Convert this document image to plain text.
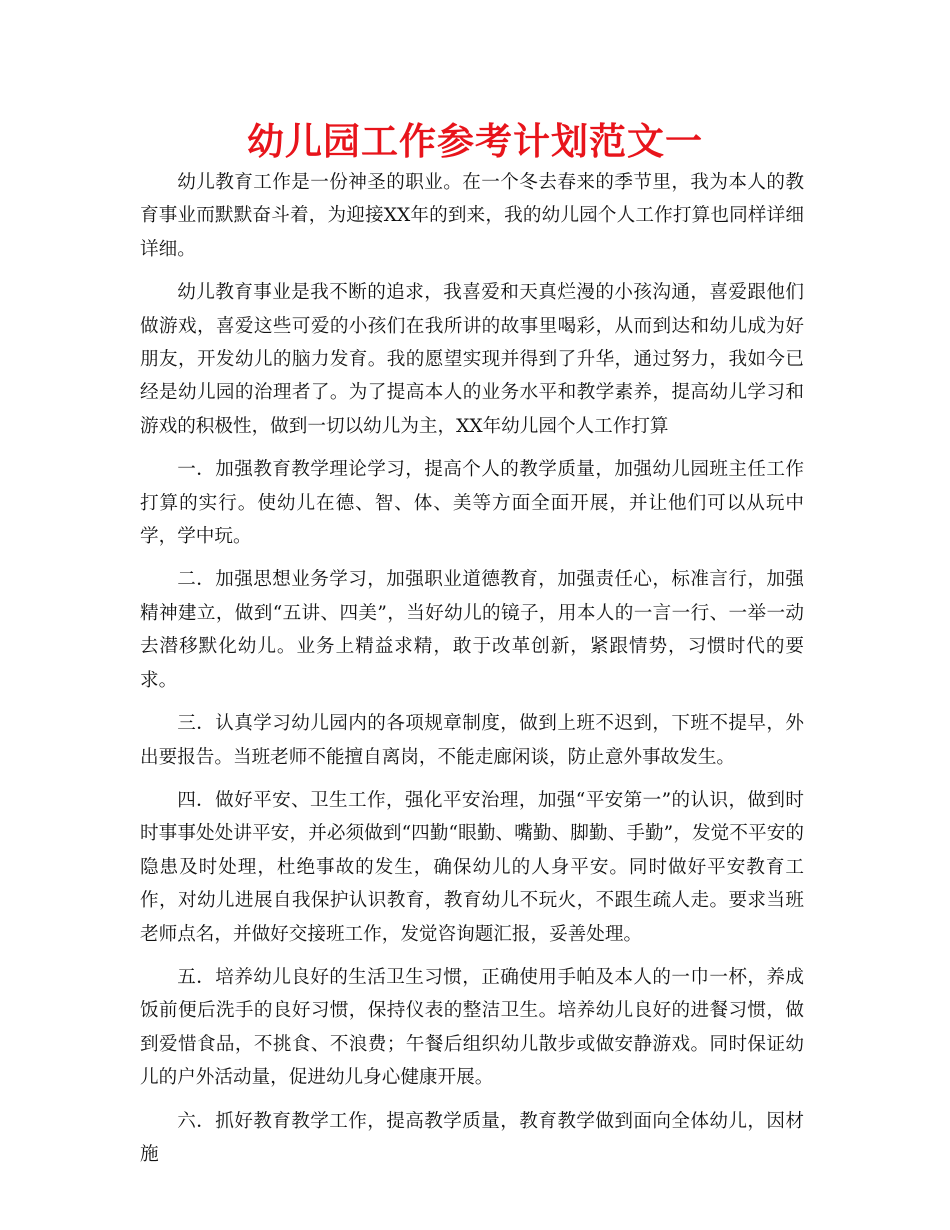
幼儿园工作参考计划范文一

幼儿教育工作是一份神圣的职业。在一个冬去春来的季节里，我为本人的教育事业而默默奋斗着，为迎接XX年的到来，我的幼儿园个人工作打算也同样详细详细。

幼儿教育事业是我不断的追求，我喜爱和天真烂漫的小孩沟通，喜爱跟他们做游戏，喜爱这些可爱的小孩们在我所讲的故事里喝彩，从而到达和幼儿成为好朋友，开发幼儿的脑力发育。我的愿望实现并得到了升华，通过努力，我如今已经是幼儿园的治理者了。为了提高本人的业务水平和教学素养，提高幼儿学习和游戏的积极性，做到一切以幼儿为主，XX年幼儿园个人工作打算

一．加强教育教学理论学习，提高个人的教学质量，加强幼儿园班主任工作打算的实行。使幼儿在德、智、体、美等方面全面开展，并让他们可以从玩中学，学中玩。

二．加强思想业务学习，加强职业道德教育，加强责任心，标准言行，加强精神建立，做到“五讲、四美”，当好幼儿的镜子，用本人的一言一行、一举一动去潜移默化幼儿。业务上精益求精，敢于改革创新，紧跟情势，习惯时代的要求。

三．认真学习幼儿园内的各项规章制度，做到上班不迟到，下班不提早，外出要报告。当班老师不能擅自离岗，不能走廊闲谈，防止意外事故发生。

四．做好平安、卫生工作，强化平安治理，加强“平安第一”的认识，做到时时事事处处讲平安，并必须做到“四勤“眼勤、嘴勤、脚勤、手勤”，发觉不平安的隐患及时处理，杜绝事故的发生，确保幼儿的人身平安。同时做好平安教育工作，对幼儿进展自我保护认识教育，教育幼儿不玩火，不跟生疏人走。要求当班老师点名，并做好交接班工作，发觉咨询题汇报，妥善处理。

五．培养幼儿良好的生活卫生习惯，正确使用手帕及本人的一巾一杯，养成饭前便后洗手的良好习惯，保持仪表的整洁卫生。培养幼儿良好的进餐习惯，做到爱惜食品，不挑食、不浪费；午餐后组织幼儿散步或做安静游戏。同时保证幼儿的户外活动量，促进幼儿身心健康开展。

六．抓好教育教学工作，提高教学质量，教育教学做到面向全体幼儿，因材施
